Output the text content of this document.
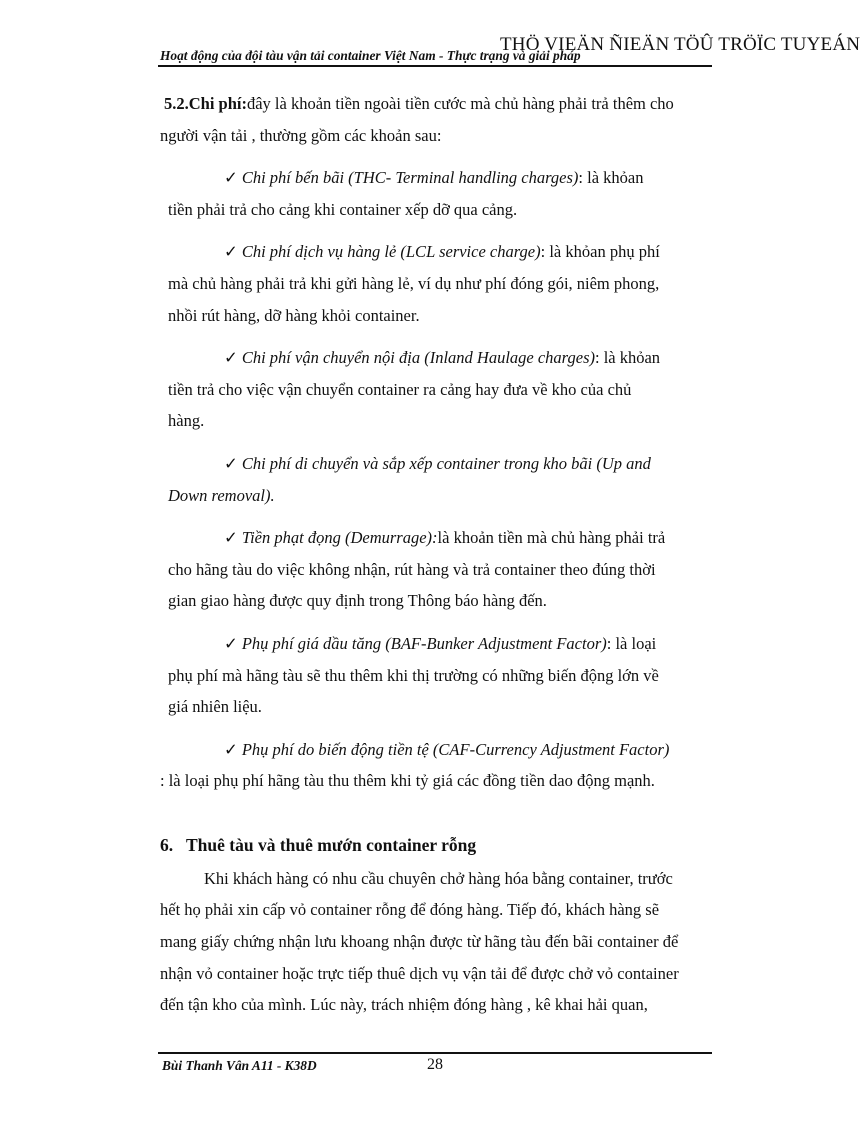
THÖ VIEÄN ÑIEÄN TÖÛ TRÖÏC TUYEÁN
Hoạt động của đội tàu vận tải container Việt Nam - Thực trạng và giải pháp
5.2.Chi phí:đây là khoản tiền ngoài tiền cước mà chủ hàng phải trả thêm cho
người vận tải , thường gồm các khoản sau:
✓ Chi phí bến bãi (THC- Terminal handling charges): là khỏan
tiền phải trả cho cảng khi container xếp dỡ qua cảng.
✓ Chi phí dịch vụ hàng lẻ (LCL service charge): là khỏan phụ phí
mà chủ hàng phải trả khi gửi hàng lẻ, ví dụ như phí đóng gói, niêm phong,
nhồi rút hàng, dỡ hàng khỏi container.
✓ Chi phí vận chuyển nội địa (Inland Haulage charges): là khỏan
tiền trả cho việc vận chuyển container ra cảng hay đưa về kho của chủ
hàng.
✓ Chi phí di chuyển và sắp xếp container trong kho bãi (Up and
Down removal).
✓ Tiền phạt đọng (Demurrage):là khoản tiền mà chủ hàng phải trả
cho hãng tàu do việc không nhận, rút hàng và trả container theo đúng thời
gian giao hàng được quy định trong Thông báo hàng đến.
✓ Phụ phí giá dầu tăng (BAF-Bunker Adjustment Factor): là loại
phụ phí mà hãng tàu sẽ thu thêm khi thị trường có những biến động lớn về
giá nhiên liệu.
✓ Phụ phí do biến động tiền tệ (CAF-Currency Adjustment Factor)
: là loại phụ phí hãng tàu thu thêm khi tỷ giá các đồng tiền dao động mạnh.
6. Thuê tàu và thuê mướn container rỗng
Khi khách hàng có nhu cầu chuyên chở hàng hóa bằng container, trước
hết họ phải xin cấp vỏ container rỗng để đóng hàng. Tiếp đó, khách hàng sẽ
mang giấy chứng nhận lưu khoang nhận được từ hãng tàu đến bãi container để
nhận vỏ container hoặc trực tiếp thuê dịch vụ vận tải để được chở vỏ container
đến tận kho của mình. Lúc này, trách nhiệm đóng hàng , kê khai hải quan,
Bùi Thanh Vân A11 - K38D	28
